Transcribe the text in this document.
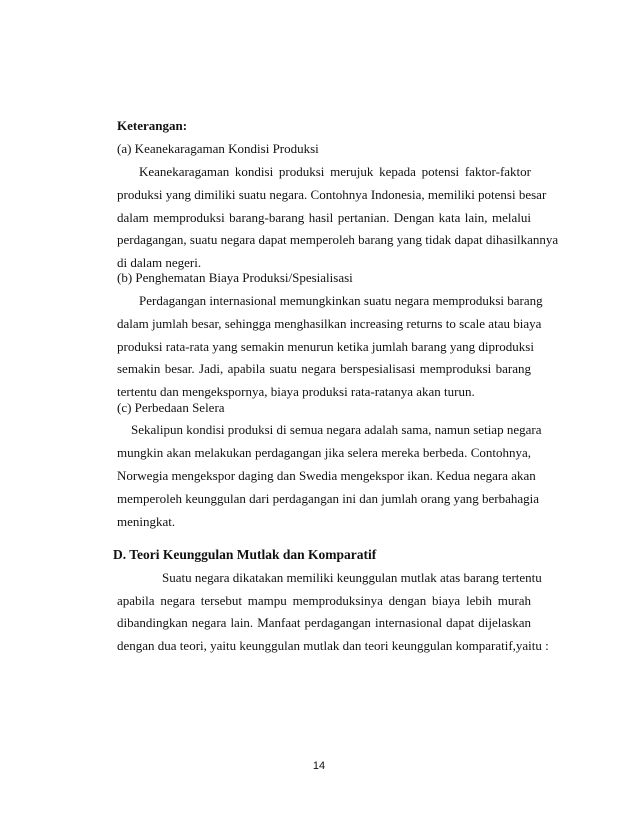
Keterangan:
(a) Keanekaragaman Kondisi Produksi
Keanekaragaman kondisi produksi merujuk kepada potensi faktor-faktor
produksi yang dimiliki suatu negara. Contohnya Indonesia, memiliki potensi besar
dalam memproduksi barang-barang hasil pertanian. Dengan kata lain, melalui
perdagangan, suatu negara dapat memperoleh barang yang tidak dapat dihasilkannya
di dalam negeri.
(b) Penghematan Biaya Produksi/Spesialisasi
Perdagangan internasional memungkinkan suatu negara memproduksi barang
dalam jumlah besar, sehingga menghasilkan increasing returns to scale atau biaya
produksi rata-rata yang semakin menurun ketika jumlah barang yang diproduksi
semakin besar. Jadi, apabila suatu negara berspesialisasi memproduksi barang
tertentu dan mengekspornya, biaya produksi rata-ratanya akan turun.
(c) Perbedaan Selera
Sekalipun kondisi produksi di semua negara adalah sama, namun setiap negara
mungkin akan melakukan perdagangan jika selera mereka berbeda. Contohnya,
Norwegia mengekspor daging dan Swedia mengekspor ikan. Kedua negara akan
memperoleh keunggulan dari perdagangan ini dan jumlah orang yang berbahagia
meningkat.
D. Teori Keunggulan Mutlak dan Komparatif
Suatu negara dikatakan memiliki keunggulan mutlak atas barang tertentu
apabila negara tersebut mampu memproduksinya dengan biaya lebih murah
dibandingkan negara lain. Manfaat perdagangan internasional dapat dijelaskan
dengan dua teori, yaitu keunggulan mutlak dan teori keunggulan komparatif,yaitu :
14
